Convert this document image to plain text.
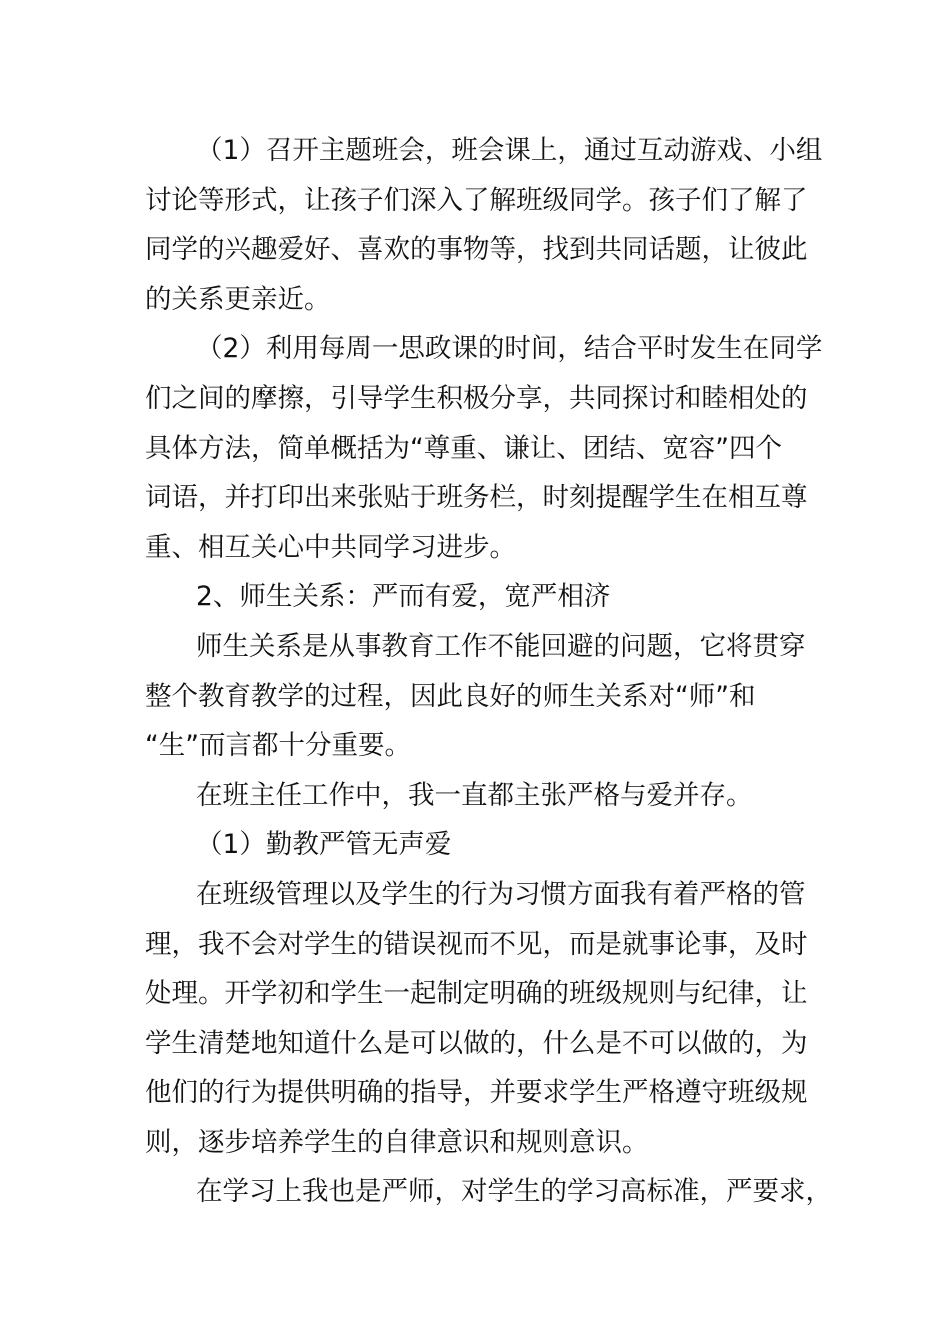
（1）召开主题班会，班会课上，通过互动游戏、小组
讨论等形式，让孩子们深入了解班级同学。孩子们了解了
同学的兴趣爱好、喜欢的事物等，找到共同话题，让彼此
的关系更亲近。

（2）利用每周一思政课的时间，结合平时发生在同学
们之间的摩擦，引导学生积极分享，共同探讨和睦相处的
具体方法，简单概括为“尊重、谦让、团结、宽容”四个
词语，并打印出来张贴于班务栏，时刻提醒学生在相互尊
重、相互关心中共同学习进步。

2、师生关系：严而有爱，宽严相济

师生关系是从事教育工作不能回避的问题，它将贯穿
整个教育教学的过程，因此良好的师生关系对“师”和
“生”而言都十分重要。

在班主任工作中，我一直都主张严格与爱并存。

（1）勤教严管无声爱

在班级管理以及学生的行为习惯方面我有着严格的管
理，我不会对学生的错误视而不见，而是就事论事，及时
处理。开学初和学生一起制定明确的班级规则与纪律，让
学生清楚地知道什么是可以做的，什么是不可以做的，为
他们的行为提供明确的指导，并要求学生严格遵守班级规
则，逐步培养学生的自律意识和规则意识。

在学习上我也是严师，对学生的学习高标准，严要求，
